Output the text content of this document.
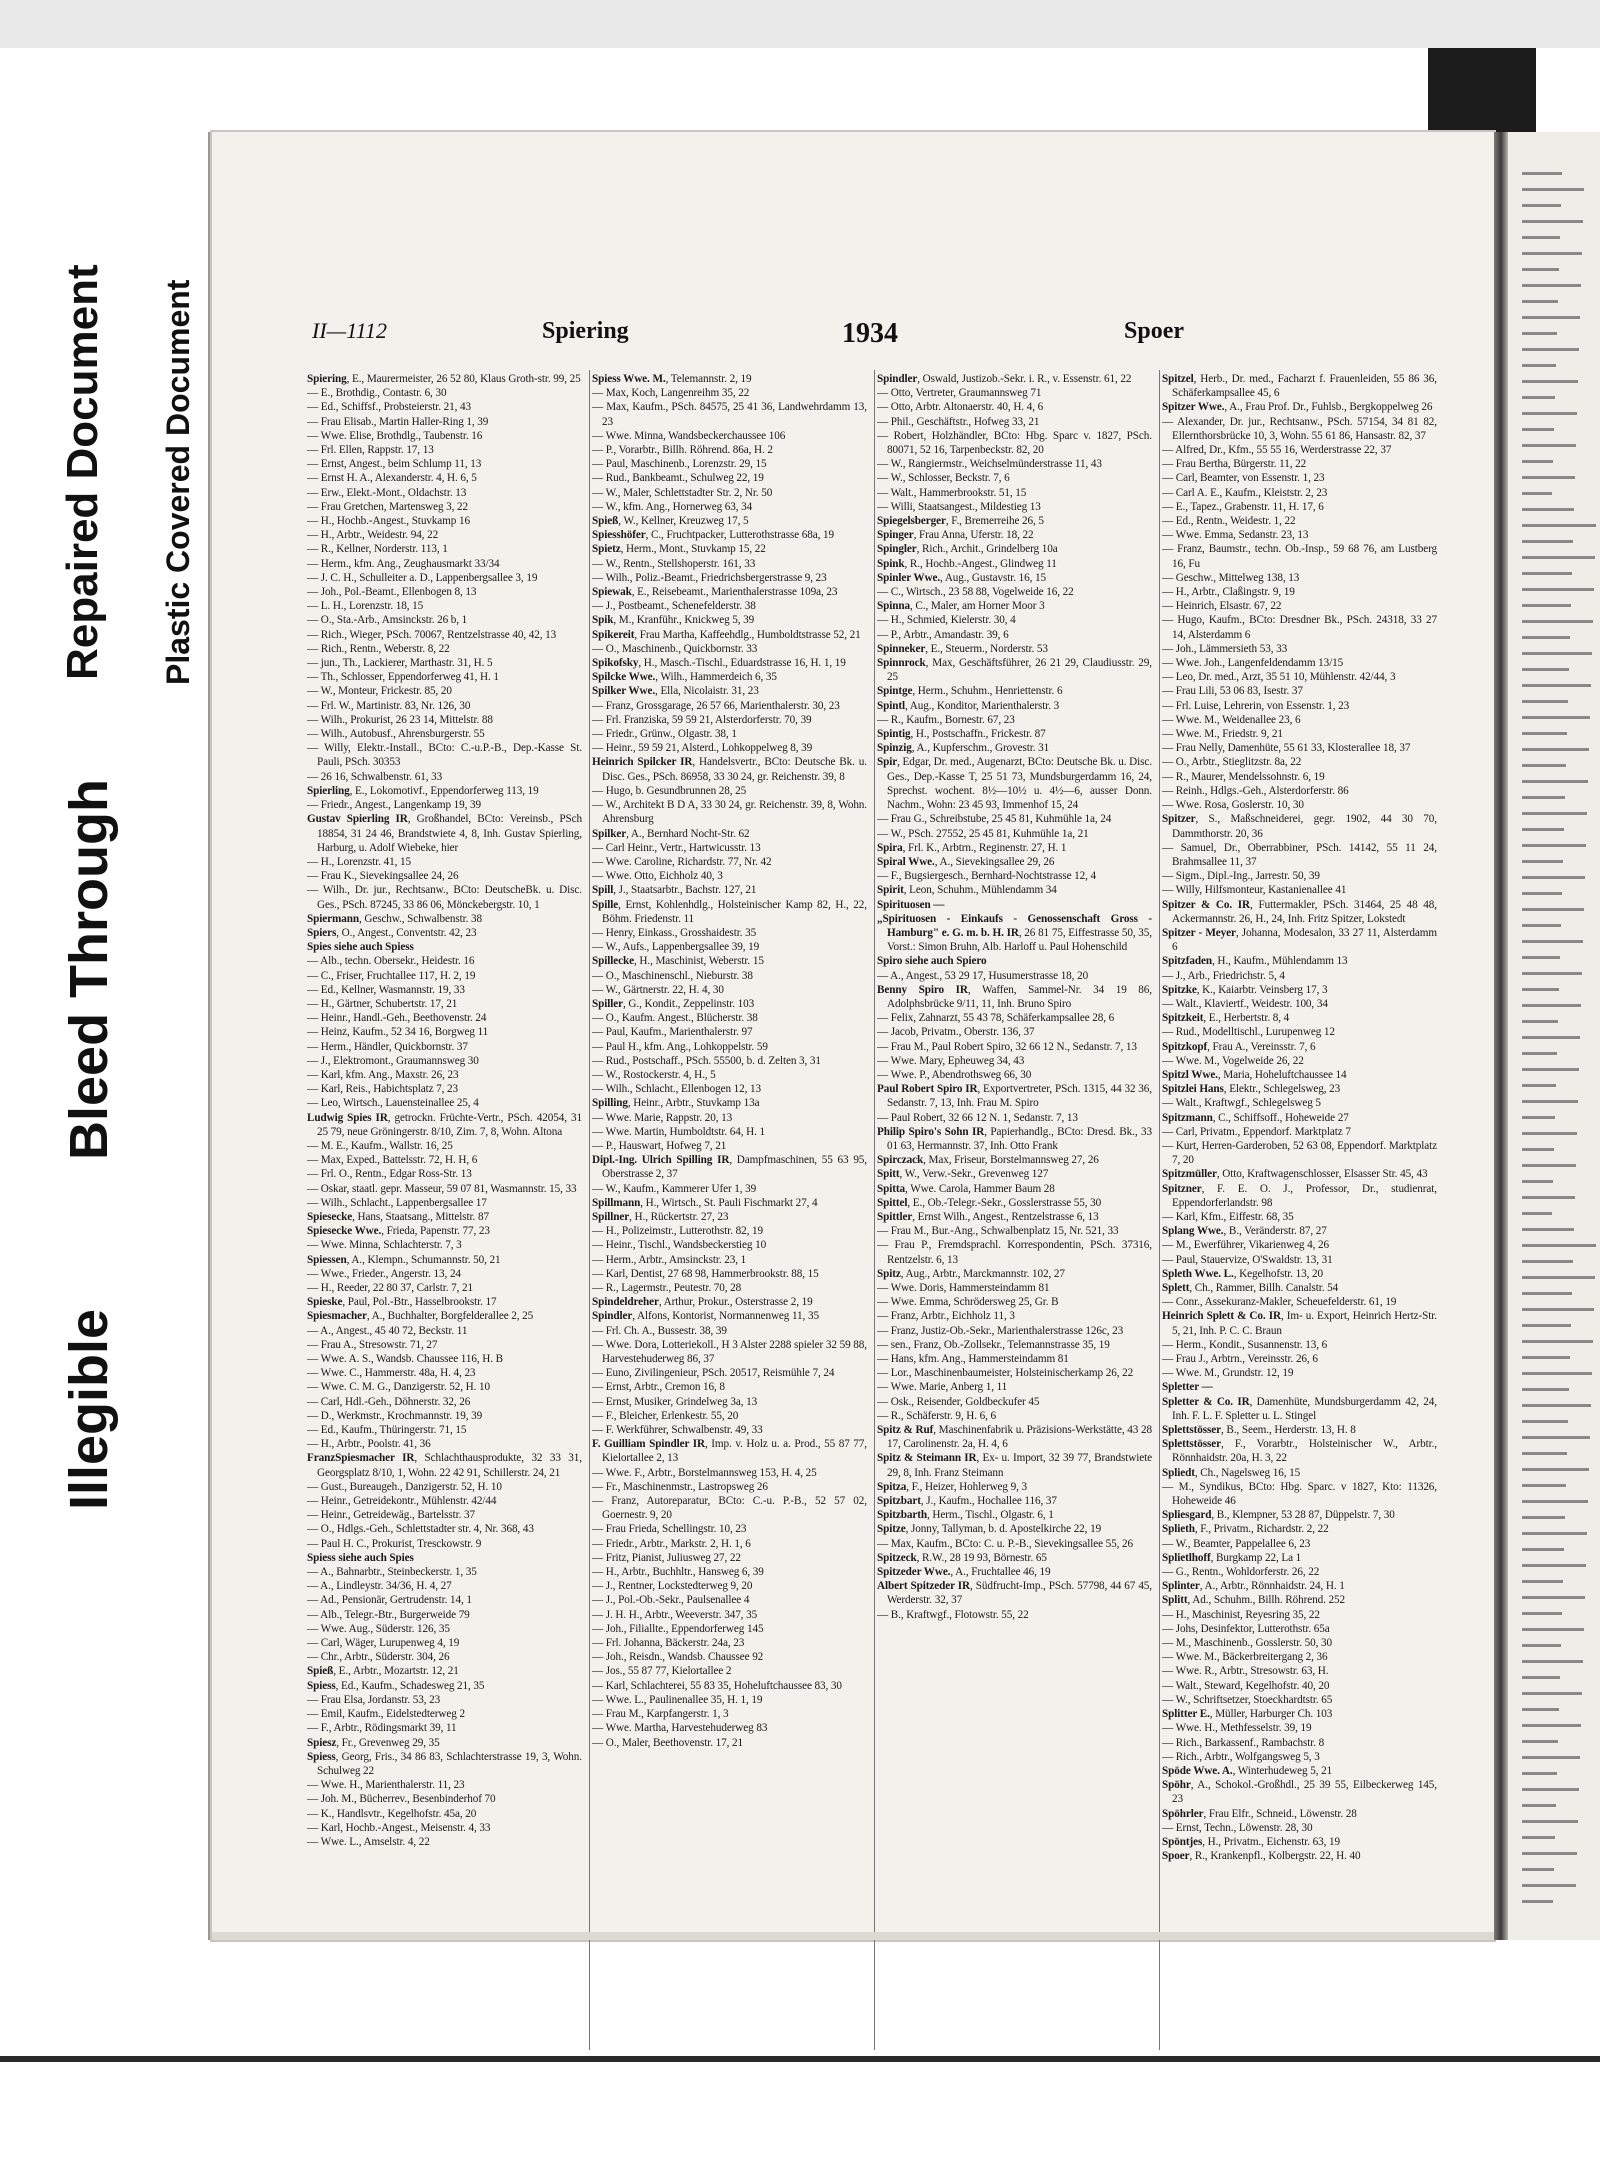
Illegible
Bleed Through
Repaired Document Plastic Covered Document	II—1112	Spiering	1934	Spoer

Spiering, E., Maurermeister, 26 52 80, Klaus Groth-str. 99, 25

— E., Brothdig., Contastr. 6, 30

— Ed., Schiffsf., Probsteierstr. 21, 43

— Frau Elisab., Martin Haller-Ring 1, 39

— Wwe. Elise, Brothdlg., Taubenstr. 16

— Frl. Ellen, Rappstr. 17, 13

— Ernst, Angest., beim Schlump 11, 13

— Ernst H. A., Alexanderstr. 4, H. 6, 5

— Erw., Elekt.-Mont., Oldachstr. 13

— Frau Gretchen, Martensweg 3, 22

— H., Hochb.-Angest., Stuvkamp 16

— H., Arbtr., Weidestr. 94, 22

— R., Kellner, Norderstr. 113, 1

— Herm., kfm. Ang., Zeughausmarkt 33/34

— J. C. H., Schulleiter a. D., Lappenbergsallee 3, 19

— Joh., Pol.-Beamt., Ellenbogen 8, 13

— L. H., Lorenzstr. 18, 15

— O., Sta.-Arb., Amsinckstr. 26 b, 1

— Rich., Wieger, PSch. 70067, Rentzelstrasse 40, 42, 13

— Rich., Rentn., Weberstr. 8, 22

— jun., Th., Lackierer, Marthastr. 31, H. 5

— Th., Schlosser, Eppendorferweg 41, H. 1

— W., Monteur, Frickestr. 85, 20

— Frl. W., Martinistr. 83, Nr. 126, 30

— Wilh., Prokurist, 26 23 14, Mittelstr. 88

— Wilh., Autobusf., Ahrensburgerstr. 55

— Willy, Elektr.-Install., BCto: C.-u.P.-B., Dep.-Kasse St. Pauli, PSch. 30353

— 26 16, Schwalbenstr. 61, 33

Spierling, E., Lokomotivf., Eppendorferweg 113, 19

— Friedr., Angest., Langenkamp 19, 39

Gustav Spierling IR, Großhandel, BCto: Vereinsb., PSch 18854, 31 24 46, Brandstwiete 4, 8, Inh. Gustav Spierling, Harburg, u. Adolf Wiebeke, hier

— H., Lorenzstr. 41, 15

— Frau K., Sievekingsallee 24, 26

— Wilh., Dr. jur., Rechtsanw., BCto: DeutscheBk. u. Disc. Ges., PSch. 87245, 33 86 06, Mönckebergstr. 10, 1

Spiermann, Geschw., Schwalbenstr. 38

Spiers, O., Angest., Conventstr. 42, 23

Spies siehe auch Spiess

— Alb., techn. Obersekr., Heidestr. 16

— C., Friser, Fruchtallee 117, H. 2, 19

— Ed., Kellner, Wasmannstr. 19, 33

— H., Gärtner, Schubertstr. 17, 21

— Heinr., Handl.-Geh., Beethovenstr. 24

— Heinz, Kaufm., 52 34 16, Borgweg 11

— Herm., Händler, Quickbornstr. 37

— J., Elektromont., Graumannsweg 30

— Karl, kfm. Ang., Maxstr. 26, 23

— Karl, Reis., Habichtsplatz 7, 23

— Leo, Wirtsch., Lauensteinallee 25, 4

Ludwig Spies IR, getrockn. Früchte-Vertr., PSch. 42054, 31 25 79, neue Gröningerstr. 8/10, Zim. 7, 8, Wohn. Altona

— M. E., Kaufm., Wallstr. 16, 25

— Max, Exped., Battelsstr. 72, H. H, 6

— Frl. O., Rentn., Edgar Ross-Str. 13

— Oskar, staatl. gepr. Masseur, 59 07 81, Wasmannstr. 15, 33

— Wilh., Schlacht., Lappenbergsallee 17

Spiesecke, Hans, Staatsang., Mittelstr. 87

Spiesecke Wwe., Frieda, Papenstr. 77, 23

— Wwe. Minna, Schlachterstr. 7, 3

Spiessen, A., Klempn., Schumannstr. 50, 21

— Wwe., Frieder., Angerstr. 13, 24

— H., Reeder, 22 80 37, Carlstr. 7, 21

Spieske, Paul, Pol.-Btr., Hasselbrookstr. 17

Spiesmacher, A., Buchhalter, Borgfelderallee 2, 25

— A., Angest., 45 40 72, Beckstr. 11

— Frau A., Stresowstr. 71, 27

— Wwe. A. S., Wandsb. Chaussee 116, H. B

— Wwe. C., Hammerstr. 48a, H. 4, 23

— Wwe. C. M. G., Danzigerstr. 52, H. 10

— Carl, Hdl.-Geh., Döhnerstr. 32, 26

— D., Werkmstr., Krochmannstr. 19, 39

— Ed., Kaufm., Thüringerstr. 71, 15

— H., Arbtr., Poolstr. 41, 36

FranzSpiesmacher IR, Schlachthausprodukte, 32 33 31, Georgsplatz 8/10, 1, Wohn. 22 42 91, Schillerstr. 24, 21

— Gust., Bureaugeh., Danzigerstr. 52, H. 10

— Heinr., Getreidekontr., Mühlenstr. 42/44

— Heinr., Getreidewäg., Bartelsstr. 37

— O., Hdlgs.-Geh., Schlettstadter str. 4, Nr. 368, 43

— Paul H. C., Prokurist, Tresckowstr. 9

Spiess siehe auch Spies

— A., Bahnarbtr., Steinbeckerstr. 1, 35

— A., Lindleystr. 34/36, H. 4, 27

— Ad., Pensionär, Gertrudenstr. 14, 1

— Alb., Telegr.-Btr., Burgerweide 79

— Wwe. Aug., Süderstr. 126, 35

— Carl, Wäger, Lurupenweg 4, 19

— Chr., Arbtr., Süderstr. 304, 26

Spieß, E., Arbtr., Mozartstr. 12, 21

Spiess, Ed., Kaufm., Schadesweg 21, 35

— Frau Elsa, Jordanstr. 53, 23

— Emil, Kaufm., Eidelstedterweg 2

— F., Arbtr., Rödingsmarkt 39, 11

Spiesz, Fr., Grevenweg 29, 35

Spiess, Georg, Fris., 34 86 83, Schlachterstrasse 19, 3, Wohn. Schulweg 22

— Wwe. H., Marienthalerstr. 11, 23

— Joh. M., Bücherrev., Besenbinderhof 70

— K., Handlsvtr., Kegelhofstr. 45a, 20

— Karl, Hochb.-Angest., Meisenstr. 4, 33

— Wwe. L., Amselstr. 4, 22

Spiess Wwe. M., Telemannstr. 2, 19

— Max, Koch, Langenreihm 35, 22

— Max, Kaufm., PSch. 84575, 25 41 36, Landwehrdamm 13, 23

— Wwe. Minna, Wandsbeckerchaussee 106

— P., Vorarbtr., Billh. Röhrend. 86a, H. 2

— Paul, Maschinenb., Lorenzstr. 29, 15

— Rud., Bankbeamt., Schulweg 22, 19

— W., Maler, Schlettstadter Str. 2, Nr. 50

— W., kfm. Ang., Hornerweg 63, 34

Spieß, W., Kellner, Kreuzweg 17, 5

Spiesshöfer, C., Fruchtpacker, Lutterothstrasse 68a, 19

Spietz, Herm., Mont., Stuvkamp 15, 22

— W., Rentn., Stellshoperstr. 161, 33

— Wilh., Poliz.-Beamt., Friedrichsbergerstrasse 9, 23

Spiewak, E., Reisebeamt., Marienthalerstrasse 109a, 23

— J., Postbeamt., Schenefelderstr. 38

Spik, M., Kranführ., Knickweg 5, 39

Spikereit, Frau Martha, Kaffeehdlg., Humboldtstrasse 52, 21

— O., Maschinenb., Quickbornstr. 33

Spikofsky, H., Masch.-Tischl., Eduardstrasse 16, H. 1, 19

Spilcke Wwe., Wilh., Hammerdeich 6, 35

Spilker Wwe., Ella, Nicolaistr. 31, 23

— Franz, Grossgarage, 26 57 66, Marienthalerstr. 30, 23

— Frl. Franziska, 59 59 21, Alsterdorferstr. 70, 39

— Friedr., Grünw., Olgastr. 38, 1

— Heinr., 59 59 21, Alsterd., Lohkoppelweg 8, 39

Heinrich Spilcker IR, Handelsvertr., BCto: Deutsche Bk. u. Disc. Ges., PSch. 86958, 33 30 24, gr. Reichenstr. 39, 8

— Hugo, b. Gesundbrunnen 28, 25

— W., Architekt B D A, 33 30 24, gr. Reichenstr. 39, 8, Wohn. Ahrensburg

Spilker, A., Bernhard Nocht-Str. 62

— Carl Heinr., Vertr., Hartwicusstr. 13

— Wwe. Caroline, Richardstr. 77, Nr. 42

— Wwe. Otto, Eichholz 40, 3

Spill, J., Staatsarbtr., Bachstr. 127, 21

Spille, Ernst, Kohlenhdlg., Holsteinischer Kamp 82, H., 22, Böhm. Friedenstr. 11

— Henry, Einkass., Grosshaidestr. 35

— W., Aufs., Lappenbergsallee 39, 19

Spillecke, H., Maschinist, Weberstr. 15

— O., Maschinenschl., Nieburstr. 38

— W., Gärtnerstr. 22, H. 4, 30

Spiller, G., Kondit., Zeppelinstr. 103

— O., Kaufm. Angest., Blücherstr. 38

— Paul, Kaufm., Marienthalerstr. 97

— Paul H., kfm. Ang., Lohkoppelstr. 59

— Rud., Postschaff., PSch. 55500, b. d. Zelten 3, 31

— W., Rostockerstr. 4, H., 5

— Wilh., Schlacht., Ellenbogen 12, 13

Spilling, Heinr., Arbtr., Stuvkamp 13a

— Wwe. Marie, Rappstr. 20, 13

— Wwe. Martin, Humboldtstr. 64, H. 1

— P., Hauswart, Hofweg 7, 21

Dipl.-Ing. Ulrich Spilling IR, Dampfmaschinen, 55 63 95, Oberstrasse 2, 37

— W., Kaufm., Kammerer Ufer 1, 39

Spillmann, H., Wirtsch., St. Pauli Fischmarkt 27, 4

Spillner, H., Rückertstr. 27, 23

— H., Polizeimstr., Lutterothstr. 82, 19

— Heinr., Tischl., Wandsbeckerstieg 10

— Herm., Arbtr., Amsinckstr. 23, 1

— Karl, Dentist, 27 68 98, Hammerbrookstr. 88, 15

— R., Lagermstr., Peutestr. 70, 28

Spindeldreher, Arthur, Prokur., Osterstrasse 2, 19

Spindler, Alfons, Kontorist, Normannenweg 11, 35

— Frl. Ch. A., Bussestr. 38, 39

— Wwe. Dora, Lotteriekoll., H 3 Alster 2288 spieler 32 59 88, Harvestehuderweg 86, 37

— Euno, Zivilingenieur, PSch. 20517, Reismühle 7, 24

— Ernst, Arbtr., Cremon 16, 8

— Ernst, Musiker, Grindelweg 3a, 13

— F., Bleicher, Erlenkestr. 55, 20

— F. Werkführer, Schwalbenstr. 49, 33

F. Guilliam Spindler IR, Imp. v. Holz u. a. Prod., 55 87 77, Kielortallee 2, 13

— Wwe. F., Arbtr., Borstelmannsweg 153, H. 4, 25

— Fr., Maschinenmstr., Lastropsweg 26

— Franz, Autoreparatur, BCto: C.-u. P.-B., 52 57 02, Goernestr. 9, 20

— Frau Frieda, Schellingstr. 10, 23

— Friedr., Arbtr., Markstr. 2, H. 1, 6

— Fritz, Pianist, Juliusweg 27, 22

— H., Arbtr., Buchhltr., Hansweg 6, 39

— J., Rentner, Lockstedterweg 9, 20

— J., Pol.-Ob.-Sekr., Paulsenallee 4

— J. H. H., Arbtr., Weeverstr. 347, 35

— Joh., Filiallte., Eppendorferweg 145

— Frl. Johanna, Bäckerstr. 24a, 23

— Joh., Reisdn., Wandsb. Chaussee 92

— Jos., 55 87 77, Kielortallee 2

— Karl, Schlachterei, 55 83 35, Hoheluftchaussee 83, 30

— Wwe. L., Paulinenallee 35, H. 1, 19

— Frau M., Karpfangerstr. 1, 3

— Wwe. Martha, Harvestehuderweg 83

— O., Maler, Beethovenstr. 17, 21

Spindler, Oswald, Justizob.-Sekr. i. R., v. Essenstr. 61, 22

— Otto, Vertreter, Graumannsweg 71

— Otto, Arbtr. Altonaerstr. 40, H. 4, 6

— Phil., Geschäftstr., Hofweg 33, 21

— Robert, Holzhändler, BCto: Hbg. Sparc v. 1827, PSch. 80071, 52 16, Tarpenbeckstr. 82, 20

— W., Rangiermstr., Weichselmünderstrasse 11, 43

— W., Schlosser, Beckstr. 7, 6

— Walt., Hammerbrookstr. 51, 15

— Willi, Staatsangest., Mildestieg 13

Spiegelsberger, F., Bremerreihe 26, 5

Spinger, Frau Anna, Uferstr. 18, 22

Spingler, Rich., Archit., Grindelberg 10a

Spink, R., Hochb.-Angest., Glindweg 11

Spinler Wwe., Aug., Gustavstr. 16, 15

— C., Wirtsch., 23 58 88, Vogelweide 16, 22

Spinna, C., Maler, am Horner Moor 3

— H., Schmied, Kielerstr. 30, 4

— P., Arbtr., Amandastr. 39, 6

Spinneker, E., Steuerm., Norderstr. 53

Spinnrock, Max, Geschäftsführer, 26 21 29, Claudiusstr. 29, 25

Spintge, Herm., Schuhm., Henriettenstr. 6

Spintl, Aug., Konditor, Marienthalerstr. 3

— R., Kaufm., Bornestr. 67, 23

Spintig, H., Postschaffn., Frickestr. 87

Spinzig, A., Kupferschm., Grovestr. 31

Spir, Edgar, Dr. med., Augenarzt, BCto: Deutsche Bk. u. Disc. Ges., Dep.-Kasse T, 25 51 73, Mundsburgerdamm 16, 24, Sprechst. wochent. 8½—10½ u. 4½—6, ausser Donn. Nachm., Wohn: 23 45 93, Immenhof 15, 24

— Frau G., Schreibstube, 25 45 81, Kuhmühle 1a, 24

— W., PSch. 27552, 25 45 81, Kuhmühle 1a, 21

Spira, Frl. K., Arbtrn., Reginenstr. 27, H. 1

Spiral Wwe., A., Sievekingsallee 29, 26

— F., Bugsiergesch., Bernhard-Nochtstrasse 12, 4

Spirit, Leon, Schuhm., Mühlendamm 34

Spirituosen —

„Spirituosen - Einkaufs - Genossenschaft Gross - Hamburg" e. G. m. b. H. IR, 26 81 75, Eiffestrasse 50, 35, Vorst.: Simon Bruhn, Alb. Harloff u. Paul Hohenschild

Spiro siehe auch Spiero

— A., Angest., 53 29 17, Husumerstrasse 18, 20

Benny Spiro IR, Waffen, Sammel-Nr. 34 19 86, Adolphsbrücke 9/11, 11, Inh. Bruno Spiro

— Felix, Zahnarzt, 55 43 78, Schäferkampsallee 28, 6

— Jacob, Privatm., Oberstr. 136, 37

— Frau M., Paul Robert Spiro, 32 66 12 N., Sedanstr. 7, 13

— Wwe. Mary, Epheuweg 34, 43

— Wwe. P., Abendrothsweg 66, 30

Paul Robert Spiro IR, Exportvertreter, PSch. 1315, 44 32 36, Sedanstr. 7, 13, Inh. Frau M. Spiro

— Paul Robert, 32 66 12 N. 1, Sedanstr. 7, 13

Philip Spiro's Sohn IR, Papierhandlg., BCto: Dresd. Bk., 33 01 63, Hermannstr. 37, Inh. Otto Frank

Spirczack, Max, Friseur, Borstelmannsweg 27, 26

Spitt, W., Verw.-Sekr., Grevenweg 127

Spitta, Wwe. Carola, Hammer Baum 28

Spittel, E., Ob.-Telegr.-Sekr., Gosslerstrasse 55, 30

Spittler, Ernst Wilh., Angest., Rentzelstrasse 6, 13

— Frau M., Bur.-Ang., Schwalbenplatz 15, Nr. 521, 33

— Frau P., Fremdsprachl. Korrespondentin, PSch. 37316, Rentzelstr. 6, 13

Spitz, Aug., Arbtr., Marckmannstr. 102, 27

— Wwe. Doris, Hammersteindamm 81

— Wwe. Emma, Schrödersweg 25, Gr. B

— Franz, Arbtr., Eichholz 11, 3

— Franz, Justiz-Ob.-Sekr., Marienthalerstrasse 126c, 23

— sen., Franz, Ob.-Zollsekr., Telemannstrasse 35, 19

— Hans, kfm. Ang., Hammersteindamm 81

— Lor., Maschinenbaumeister, Holsteinischerkamp 26, 22

— Wwe. Marie, Anberg 1, 11

— Osk., Reisender, Goldbeckufer 45

— R., Schäferstr. 9, H. 6, 6

Spitz & Ruf, Maschinenfabrik u. Präzisions-Werkstätte, 43 28 17, Carolinenstr. 2a, H. 4, 6

Spitz & Steimann IR, Ex- u. Import, 32 39 77, Brandstwiete 29, 8, Inh. Franz Steimann

Spitza, F., Heizer, Hohlerweg 9, 3

Spitzbart, J., Kaufm., Hochallee 116, 37

Spitzbarth, Herm., Tischl., Olgastr. 6, 1

Spitze, Jonny, Tallyman, b. d. Apostelkirche 22, 19

— Max, Kaufm., BCto: C. u. P.-B., Sievekingsallee 55, 26

Spitzeck, R.W., 28 19 93, Börnestr. 65

Spitzeder Wwe., A., Fruchtallee 46, 19

Albert Spitzeder IR, Südfrucht-Imp., PSch. 57798, 44 67 45, Werderstr. 32, 37

— B., Kraftwgf., Flotowstr. 55, 22

Spitzel, Herb., Dr. med., Facharzt f. Frauenleiden, 55 86 36, Schäferkampsallee 45, 6

Spitzer Wwe., A., Frau Prof. Dr., Fuhlsb., Bergkoppelweg 26

— Alexander, Dr. jur., Rechtsanw., PSch. 57154, 34 81 82, Ellernthorsbrücke 10, 3, Wohn. 55 61 86, Hansastr. 82, 37

— Alfred, Dr., Kfm., 55 55 16, Werderstrasse 22, 37

— Frau Bertha, Bürgerstr. 11, 22

— Carl, Beamter, von Essenstr. 1, 23

— Carl A. E., Kaufm., Kleiststr. 2, 23

— E., Tapez., Grabenstr. 11, H. 17, 6

— Ed., Rentn., Weidestr. 1, 22

— Wwe. Emma, Sedanstr. 23, 13

— Franz, Baumstr., techn. Ob.-Insp., 59 68 76, am Lustberg 16, Fu

— Geschw., Mittelweg 138, 13

— H., Arbtr., Claßingstr. 9, 19

— Heinrich, Elsastr. 67, 22

— Hugo, Kaufm., BCto: Dresdner Bk., PSch. 24318, 33 27 14, Alsterdamm 6

— Joh., Lämmersieth 53, 33

— Wwe. Joh., Langenfeldendamm 13/15

— Leo, Dr. med., Arzt, 35 51 10, Mühlenstr. 42/44, 3

— Frau Lili, 53 06 83, Isestr. 37

— Frl. Luise, Lehrerin, von Essenstr. 1, 23

— Wwe. M., Weidenallee 23, 6

— Wwe. M., Friedstr. 9, 21

— Frau Nelly, Damenhüte, 55 61 33, Klosterallee 18, 37

— O., Arbtr., Stieglitzstr. 8a, 22

— R., Maurer, Mendelssohnstr. 6, 19

— Reinh., Hdlgs.-Geh., Alsterdorferstr. 86

— Wwe. Rosa, Goslerstr. 10, 30

Spitzer, S., Maßschneiderei, gegr. 1902, 44 30 70, Dammthorstr. 20, 36

— Samuel, Dr., Oberrabbiner, PSch. 14142, 55 11 24, Brahmsallee 11, 37

— Sigm., Dipl.-Ing., Jarrestr. 50, 39

— Willy, Hilfsmonteur, Kastanienallee 41

Spitzer & Co. IR, Futtermakler, PSch. 31464, 25 48 48, Ackermannstr. 26, H., 24, Inh. Fritz Spitzer, Lokstedt

Spitzer - Meyer, Johanna, Modesalon, 33 27 11, Alsterdamm 6

Spitzfaden, H., Kaufm., Mühlendamm 13

— J., Arb., Friedrichstr. 5, 4

Spitzke, K., Kaiarbtr. Veinsberg 17, 3

— Walt., Klaviertf., Weidestr. 100, 34

Spitzkeit, E., Herbertstr. 8, 4

— Rud., Modelltischl., Lurupenweg 12

Spitzkopf, Frau A., Vereinsstr. 7, 6

— Wwe. M., Vogelweide 26, 22

Spitzl Wwe., Maria, Hoheluftchaussee 14

Spitzlei Hans, Elektr., Schlegelsweg, 23

— Walt., Kraftwgf., Schlegelsweg 5

Spitzmann, C., Schiffsoff., Hoheweide 27

— Carl, Privatm., Eppendorf. Marktplatz 7

— Kurt, Herren-Garderoben, 52 63 08, Eppendorf. Marktplatz 7, 20

Spitzmüller, Otto, Kraftwagenschlosser, Elsasser Str. 45, 43

Spitzner, F. E. O. J., Professor, Dr., studienrat, Eppendorferlandstr. 98

— Karl, Kfm., Eiffestr. 68, 35

Splang Wwe., B., Veränderstr. 87, 27

— M., Ewerführer, Vikarienweg 4, 26

— Paul, Stauervize, O'Swaldstr. 13, 31

Spleth Wwe. L., Kegelhofstr. 13, 20

Splett, Ch., Rammer, Billh. Canalstr. 54

— Conr., Assekuranz-Makler, Scheuefelderstr. 61, 19

Heinrich Splett & Co. IR, Im- u. Export, Heinrich Hertz-Str. 5, 21, Inh. P. C. C. Braun

— Herm., Kondit., Susannenstr. 13, 6

— Frau J., Arbtrn., Vereinsstr. 26, 6

— Wwe. M., Grundstr. 12, 19

Spletter —

Spletter & Co. IR, Damenhüte, Mundsburgerdamm 42, 24, Inh. F. L. F. Spletter u. L. Stingel

Splettstösser, B., Seem., Herderstr. 13, H. 8

Splettstösser, F., Vorarbtr., Holsteinischer W., Arbtr., Rönnhaidstr. 20a, H. 3, 22

Spliedt, Ch., Nagelsweg 16, 15

— M., Syndikus, BCto: Hbg. Sparc. v 1827, Kto: 11326, Hoheweide 46

Spliesgard, B., Klempner, 53 28 87, Düppelstr. 7, 30

Splieth, F., Privatm., Richardstr. 2, 22

— W., Beamter, Pappelallee 6, 23

Splietlhoff, Burgkamp 22, La 1

— G., Rentn., Wohldorferstr. 26, 22

Splinter, A., Arbtr., Rönnhaidstr. 24, H. 1

Splitt, Ad., Schuhm., Billh. Röhrend. 252

— H., Maschinist, Reyesring 35, 22

— Johs, Desinfektor, Lutterothstr. 65a

— M., Maschinenb., Gosslerstr. 50, 30

— Wwe. M., Bäckerbreitergang 2, 36

— Wwe. R., Arbtr., Stresowstr. 63, H.

— Walt., Steward, Kegelhofstr. 40, 20

— W., Schriftsetzer, Stoeckhardtstr. 65

Splitter E., Müller, Harburger Ch. 103

— Wwe. H., Methfesselstr. 39, 19

— Rich., Barkassenf., Rambachstr. 8

— Rich., Arbtr., Wolfgangsweg 5, 3

Spöde Wwe. A., Winterhudeweg 5, 21

Spöhr, A., Schokol.-Großhdl., 25 39 55, Eilbeckerweg 145, 23

Spöhrler, Frau Elfr., Schneid., Löwenstr. 28

— Ernst, Techn., Löwenstr. 28, 30

Spöntjes, H., Privatm., Eichenstr. 63, 19

Spoer, R., Krankenpfl., Kolbergstr. 22, H. 40
